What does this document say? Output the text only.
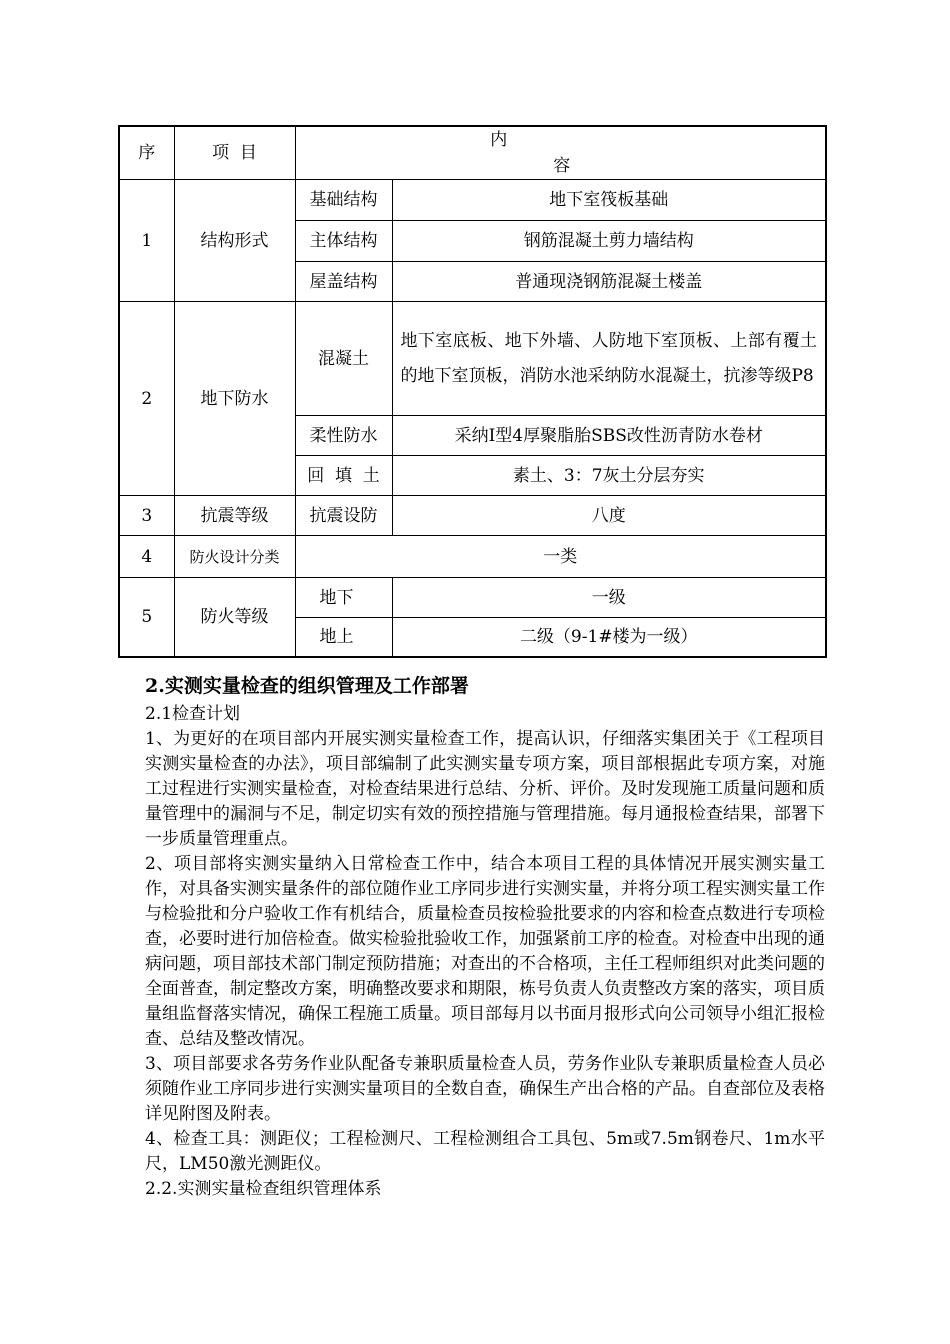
序	项  目	内容	
1	结构形式	基础结构	地下室筏板基础
		主体结构	钢筋混凝土剪力墙结构
		屋盖结构	普通现浇钢筋混凝土楼盖
2	地下防水	混凝土	地下室底板、地下外墙、人防地下室顶板、上部有覆土的地下室顶板，消防水池采纳防水混凝土，抗渗等级P8
		柔性防水	采纳Ⅰ型4厚聚脂胎SBS改性沥青防水卷材
		回  填  土	素土、3：7灰土分层夯实
3	抗震等级	抗震设防	八度
4	防火设计分类	一类	
5	防火等级	地下	一级
		地上	二级（9-1#楼为一级）

2.实测实量检查的组织管理及工作部署

2.1检查计划

1、为更好的在项目部内开展实测实量检查工作，提高认识，仔细落实集团关于《工程项目实测实量检查的办法》，项目部编制了此实测实量专项方案，项目部根据此专项方案，对施工过程进行实测实量检查，对检查结果进行总结、分析、评价。及时发现施工质量问题和质量管理中的漏洞与不足，制定切实有效的预控措施与管理措施。每月通报检查结果，部署下一步质量管理重点。

2、项目部将实测实量纳入日常检查工作中，结合本项目工程的具体情况开展实测实量工作，对具备实测实量条件的部位随作业工序同步进行实测实量，并将分项工程实测实量工作与检验批和分户验收工作有机结合，质量检查员按检验批要求的内容和检查点数进行专项检查，必要时进行加倍检查。做实检验批验收工作，加强紧前工序的检查。对检查中出现的通病问题，项目部技术部门制定预防措施；对查出的不合格项，主任工程师组织对此类问题的全面普查，制定整改方案，明确整改要求和期限，栋号负责人负责整改方案的落实，项目质量组监督落实情况，确保工程施工质量。项目部每月以书面月报形式向公司领导小组汇报检查、总结及整改情况。

3、项目部要求各劳务作业队配备专兼职质量检查人员，劳务作业队专兼职质量检查人员必须随作业工序同步进行实测实量项目的全数自查，确保生产出合格的产品。自查部位及表格详见附图及附表。

4、检查工具：测距仪；工程检测尺、工程检测组合工具包、5m或7.5m钢卷尺、1m水平尺，LM50激光测距仪。

2.2.实测实量检查组织管理体系
